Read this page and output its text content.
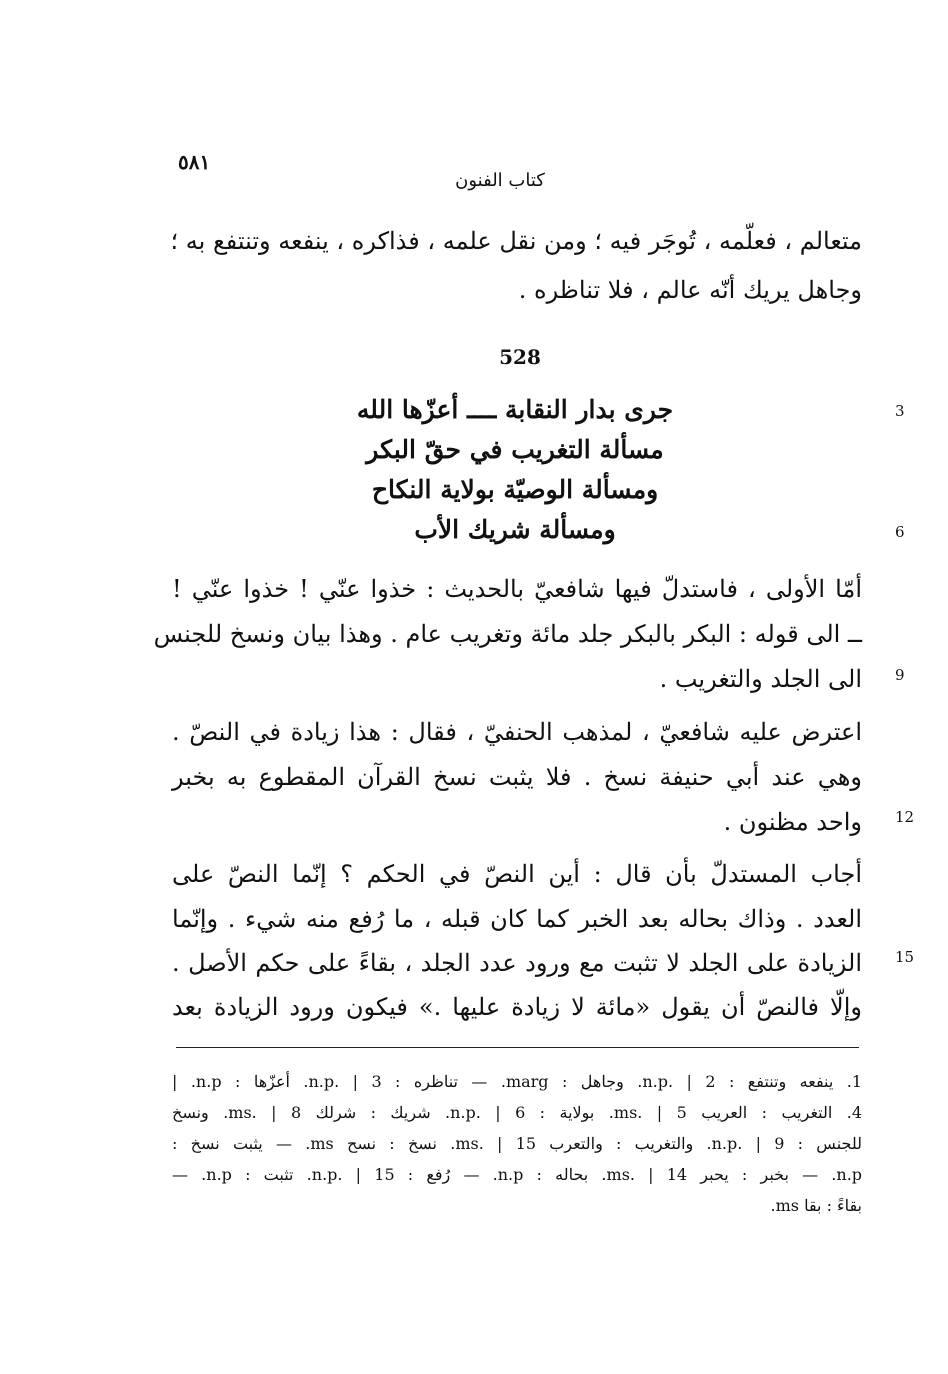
٥٨١
كتاب الفنون
متعالم ، فعلّمه ، تُوجَر فيه ؛ ومن نقل علمه ، فذاكره ، ينفعه وتنتفع به ؛
وجاهل يريك أنّه عالم ، فلا تناظره .
528
جرى بدار النقابة ــــ أعزّها الله
مسألة التغريب في حقّ البكر
ومسألة الوصيّة بولاية النكاح
ومسألة شريك الأب
3
6
أمّا الأولى ، فاستدلّ فيها شافعيّ بالحديث : خذوا عنّي ! خذوا عنّي !
ــ الى قوله : البكر بالبكر جلد مائة وتغريب عام . وهذا بيان ونسخ للجنس
الى الجلد والتغريب . 9
اعترض عليه شافعيّ ، لمذهب الحنفيّ ، فقال : هذا زيادة في النصّ .
وهي عند أبي حنيفة نسخ . فلا يثبت نسخ القرآن المقطوع به بخبر
واحد مظنون . 12
أجاب المستدلّ بأن قال : أين النصّ في الحكم ؟ إنّما النصّ على
العدد . وذاك بحاله بعد الخبر كما كان قبله ، ما رُفع منه شيء . وإنّما
الزيادة على الجلد لا تثبت مع ورود عدد الجلد ، بقاءً على حكم الأصل .
وإلّا فالنصّ أن يقول «مائة لا زيادة عليها .» فيكون ورود الزيادة بعد
15
1. ينفعه وتنتفع : n.p. | 2. وجاهل : marg. — تناظره : n.p. | 3. أعزّها : n.p. |
4. التغريب : العريب ms. | 5. بولاية : n.p. | 6. شريك : شرلك ms. | 8. ونسخ
للجنس : n.p. | 9. والتغريب : والتعرب ms. | 15. نسخ : نسح ms. — يثبت نسخ :
n.p. — بخبر : يحبر ms. | 14. بحاله : n.p. — رُفع : n.p. | 15. تثبت : n.p. —
بقاءً : بقا ms.
